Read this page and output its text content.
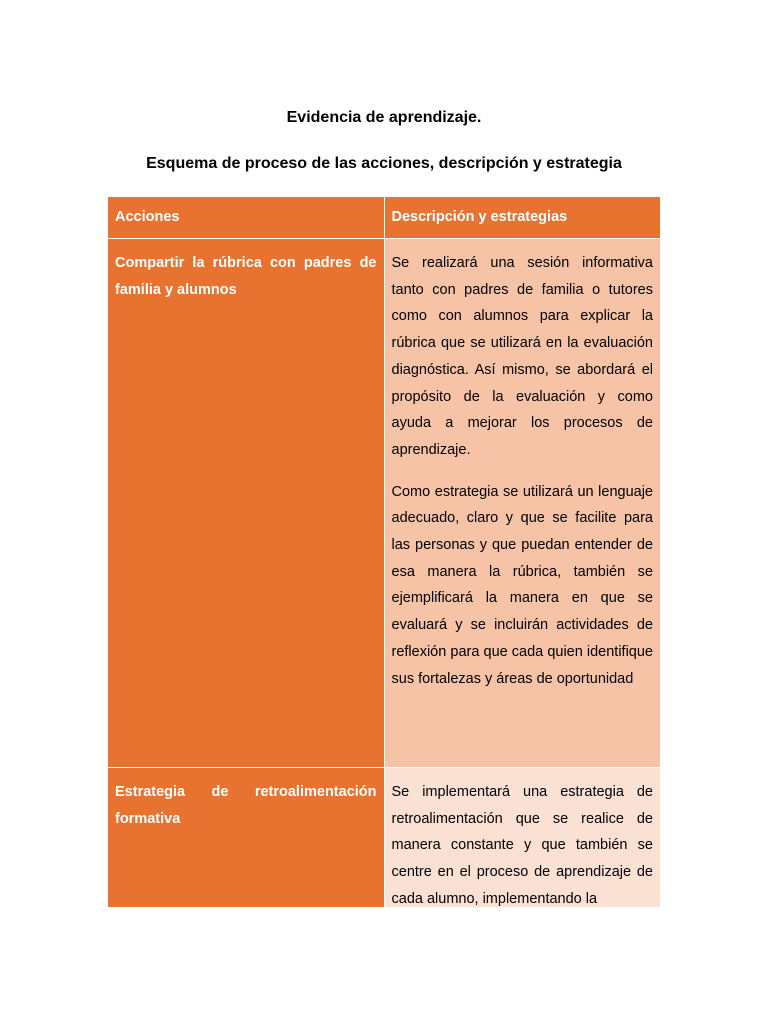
Evidencia de aprendizaje.
Esquema de proceso de las acciones, descripción y estrategia
Acciones	Descripción y estrategias
Compartir la rúbrica con padres de familia y alumnos	Se realizará una sesión informativa tanto con padres de familia o tutores como con alumnos para explicar la rúbrica que se utilizará en la evaluación diagnóstica. Así mismo, se abordará el propósito de la evaluación y como ayuda a mejorar los procesos de aprendizaje.

Como estrategia se utilizará un lenguaje adecuado, claro y que se facilite para las personas y que puedan entender de esa manera la rúbrica, también se ejemplificará la manera en que se evaluará y se incluirán actividades de reflexión para que cada quien identifique sus fortalezas y áreas de oportunidad

Estrategia de retroalimentación formativa	Se implementará una estrategia de retroalimentación que se realice de manera constante y que también se centre en el proceso de aprendizaje de cada alumno, implementando la
